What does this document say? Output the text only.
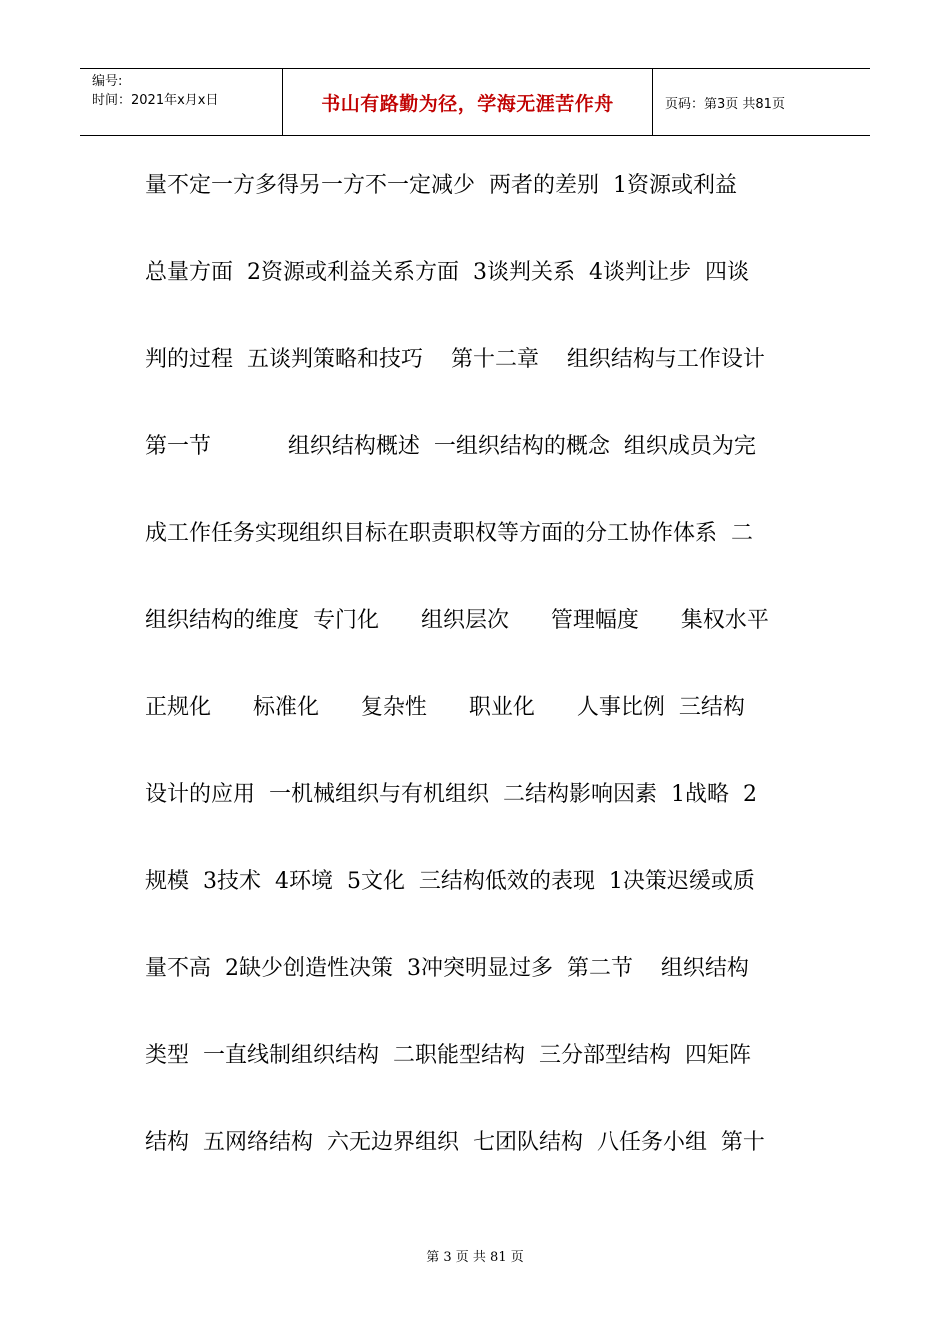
编号:
时间：2021年x月x日	书山有路勤为径，学海无涯苦作舟	页码：第3页 共81页
量不定一方多得另一方不一定减少  两者的差别  1资源或利益
总量方面  2资源或利益关系方面  3谈判关系  4谈判让步  四谈
判的过程  五谈判策略和技巧    第十二章    组织结构与工作设计
第一节           组织结构概述  一组织结构的概念  组织成员为完
成工作任务实现组织目标在职责职权等方面的分工协作体系  二
组织结构的维度  专门化      组织层次      管理幅度      集权水平
正规化      标准化      复杂性      职业化      人事比例  三结构
设计的应用  一机械组织与有机组织  二结构影响因素  1战略  2
规模  3技术  4环境  5文化  三结构低效的表现  1决策迟缓或质
量不高  2缺少创造性决策  3冲突明显过多  第二节    组织结构
类型  一直线制组织结构  二职能型结构  三分部型结构  四矩阵
结构  五网络结构  六无边界组织  七团队结构  八任务小组  第十
第 3 页 共 81 页
